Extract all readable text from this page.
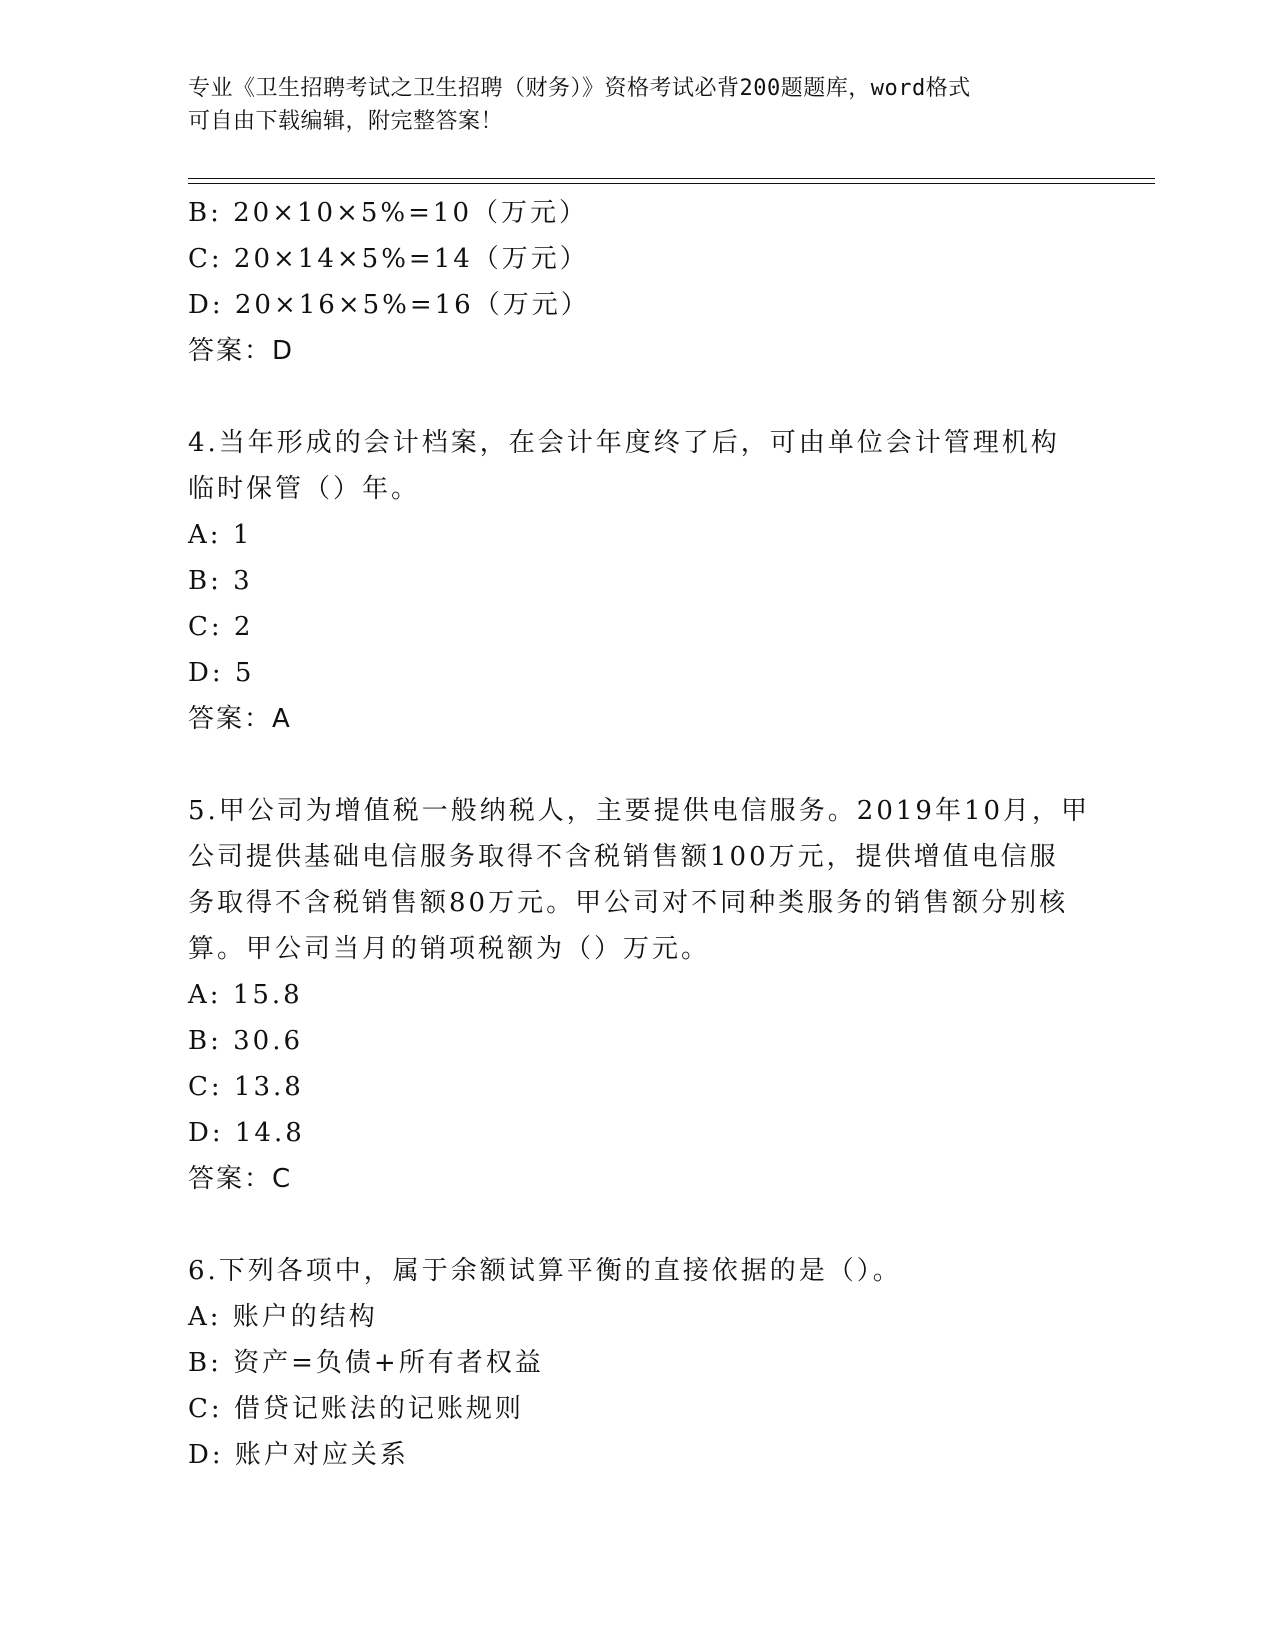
专业《卫生招聘考试之卫生招聘（财务）》资格考试必背200题题库，word格式
可自由下载编辑，附完整答案！
B: 20×10×5%=10（万元）
C: 20×14×5%=14（万元）
D: 20×16×5%=16（万元）
答案：D
4.当年形成的会计档案，在会计年度终了后，可由单位会计管理机构
临时保管（）年。
A: 1
B: 3
C: 2
D: 5
答案：A
5.甲公司为增值税一般纳税人，主要提供电信服务。2019年10月，甲
公司提供基础电信服务取得不含税销售额100万元，提供增值电信服
务取得不含税销售额80万元。甲公司对不同种类服务的销售额分别核
算。甲公司当月的销项税额为（）万元。
A: 15.8
B: 30.6
C: 13.8
D: 14.8
答案：C
6.下列各项中，属于余额试算平衡的直接依据的是（）。
A: 账户的结构
B: 资产=负债+所有者权益
C: 借贷记账法的记账规则
D: 账户对应关系
